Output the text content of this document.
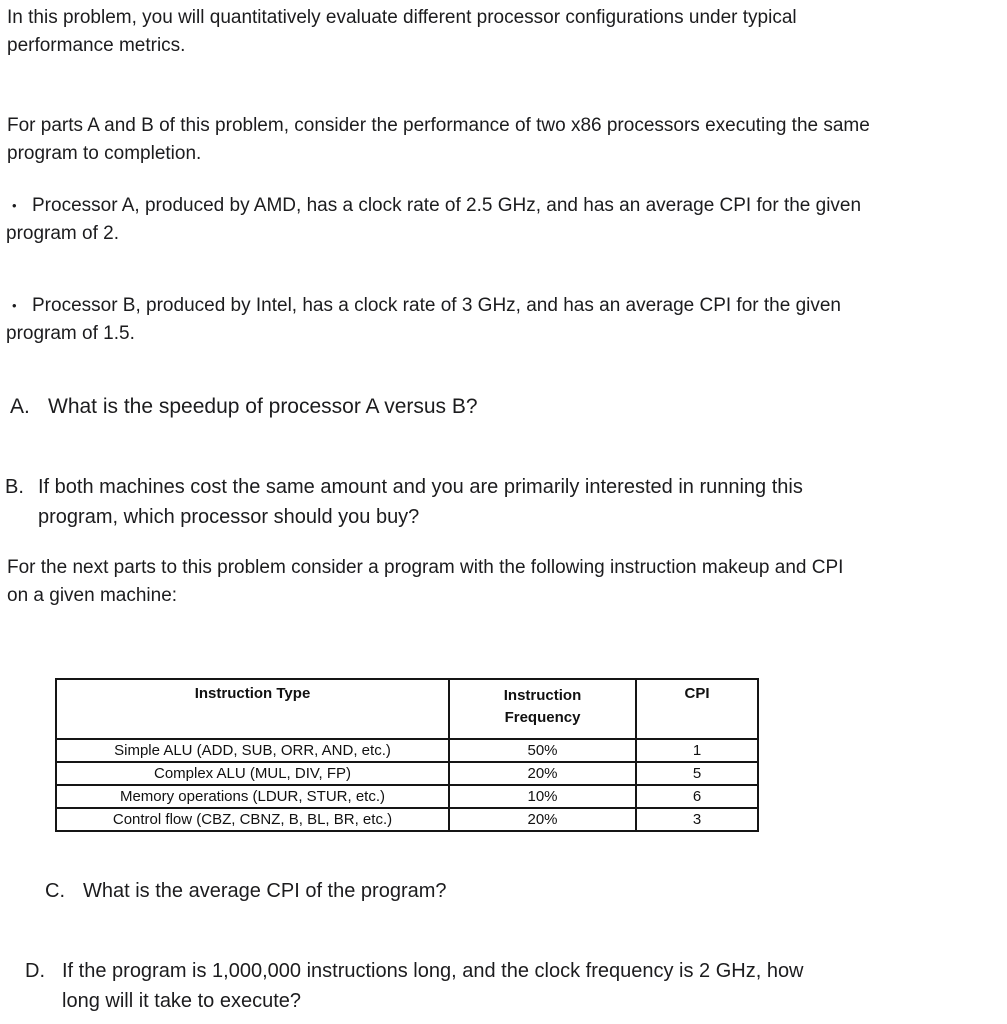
In this problem, you will quantitatively evaluate different processor configurations under typical
performance metrics.
For parts A and B of this problem, consider the performance of two x86 processors executing the same
program to completion.
• Processor A, produced by AMD, has a clock rate of 2.5 GHz, and has an average CPI for the given
program of 2.
• Processor B, produced by Intel, has a clock rate of 3 GHz, and has an average CPI for the given
program of 1.5.
A. What is the speedup of processor A versus B?
B. If both machines cost the same amount and you are primarily interested in running this
program, which processor should you buy?
For the next parts to this problem consider a program with the following instruction makeup and CPI
on a given machine:
Instruction Type	Instruction Frequency	CPI
Simple ALU (ADD, SUB, ORR, AND, etc.)	50%	1
Complex ALU (MUL, DIV, FP)	20%	5
Memory operations (LDUR, STUR, etc.)	10%	6
Control flow (CBZ, CBNZ, B, BL, BR, etc.)	20%	3
C. What is the average CPI of the program?
D. If the program is 1,000,000 instructions long, and the clock frequency is 2 GHz, how
long will it take to execute?
